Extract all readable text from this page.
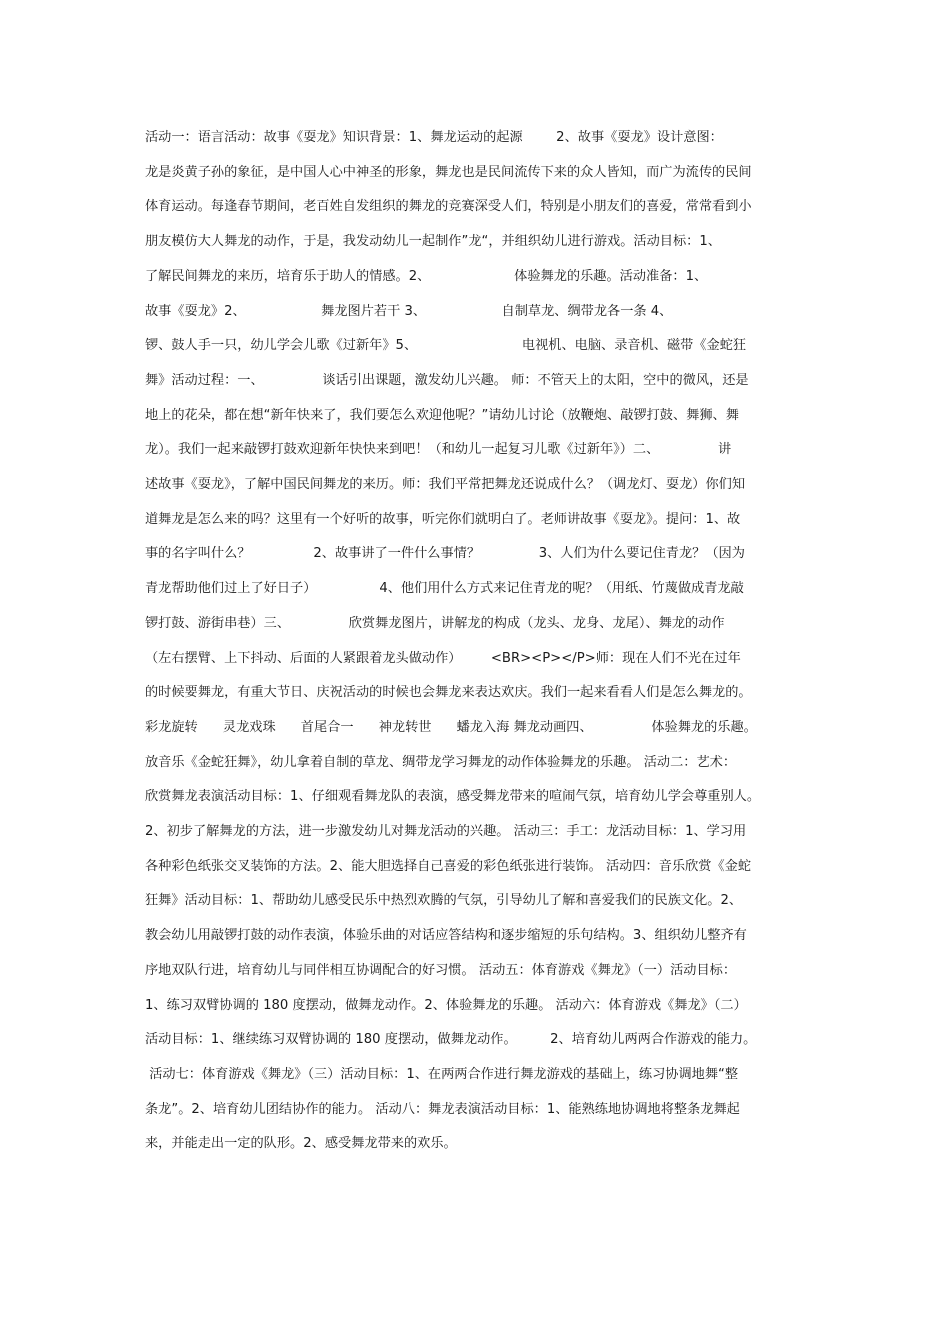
活动一：语言活动：故事《耍龙》知识背景：1、舞龙运动的起源        2、故事《耍龙》设计意图：
龙是炎黄子孙的象征，是中国人心中神圣的形象，舞龙也是民间流传下来的众人皆知，而广为流传的民间
体育运动。每逢春节期间，老百姓自发组织的舞龙的竞赛深受人们，特别是小朋友们的喜爱，常常看到小
朋友模仿大人舞龙的动作，于是，我发动幼儿一起制作”龙“，并组织幼儿进行游戏。活动目标：1、
了解民间舞龙的来历，培育乐于助人的情感。2、                    体验舞龙的乐趣。活动准备：1、
故事《耍龙》2、                  舞龙图片若干 3、                  自制草龙、绸带龙各一条 4、
锣、鼓人手一只，幼儿学会儿歌《过新年》5、                         电视机、电脑、录音机、磁带《金蛇狂
舞》活动过程：一、              谈话引出课题，激发幼儿兴趣。 师：不管天上的太阳，空中的微风，还是
地上的花朵，都在想“新年快来了，我们要怎么欢迎他呢？”请幼儿讨论（放鞭炮、敲锣打鼓、舞狮、舞
龙）。我们一起来敲锣打鼓欢迎新年快快来到吧！（和幼儿一起复习儿歌《过新年》）二、              讲
述故事《耍龙》，了解中国民间舞龙的来历。师：我们平常把舞龙还说成什么？（调龙灯、耍龙）你们知
道舞龙是怎么来的吗？这里有一个好听的故事，听完你们就明白了。老师讲故事《耍龙》。提问：1、故
事的名字叫什么？               2、故事讲了一件什么事情？              3、人们为什么要记住青龙？（因为
青龙帮助他们过上了好日子）               4、他们用什么方式来记住青龙的呢？（用纸、竹蔑做成青龙敲
锣打鼓、游街串巷）三、              欣赏舞龙图片，讲解龙的构成（龙头、龙身、龙尾）、舞龙的动作
（左右摆臂、上下抖动、后面的人紧跟着龙头做动作）       <BR><P></P>师：现在人们不光在过年
的时候要舞龙，有重大节日、庆祝活动的时候也会舞龙来表达欢庆。我们一起来看看人们是怎么舞龙的。
彩龙旋转      灵龙戏珠      首尾合一      神龙转世      蟠龙入海 舞龙动画四、              体验舞龙的乐趣。
放音乐《金蛇狂舞》，幼儿拿着自制的草龙、绸带龙学习舞龙的动作体验舞龙的乐趣。 活动二：艺术：
欣赏舞龙表演活动目标：1、仔细观看舞龙队的表演，感受舞龙带来的喧闹气氛，培育幼儿学会尊重别人。
2、初步了解舞龙的方法，进一步激发幼儿对舞龙活动的兴趣。 活动三：手工：龙活动目标：1、学习用
各种彩色纸张交叉装饰的方法。2、能大胆选择自己喜爱的彩色纸张进行装饰。 活动四：音乐欣赏《金蛇
狂舞》活动目标：1、帮助幼儿感受民乐中热烈欢腾的气氛，引导幼儿了解和喜爱我们的民族文化。2、
教会幼儿用敲锣打鼓的动作表演，体验乐曲的对话应答结构和逐步缩短的乐句结构。3、组织幼儿整齐有
序地双队行进，培育幼儿与同伴相互协调配合的好习惯。 活动五：体育游戏《舞龙》（一）活动目标：
1、练习双臂协调的 180 度摆动，做舞龙动作。2、体验舞龙的乐趣。 活动六：体育游戏《舞龙》（二）
活动目标：1、继续练习双臂协调的 180 度摆动，做舞龙动作。        2、培育幼儿两两合作游戏的能力。
活动七：体育游戏《舞龙》（三）活动目标：1、在两两合作进行舞龙游戏的基础上，练习协调地舞“整
条龙”。2、培育幼儿团结协作的能力。 活动八：舞龙表演活动目标：1、能熟练地协调地将整条龙舞起
来，并能走出一定的队形。2、感受舞龙带来的欢乐。
